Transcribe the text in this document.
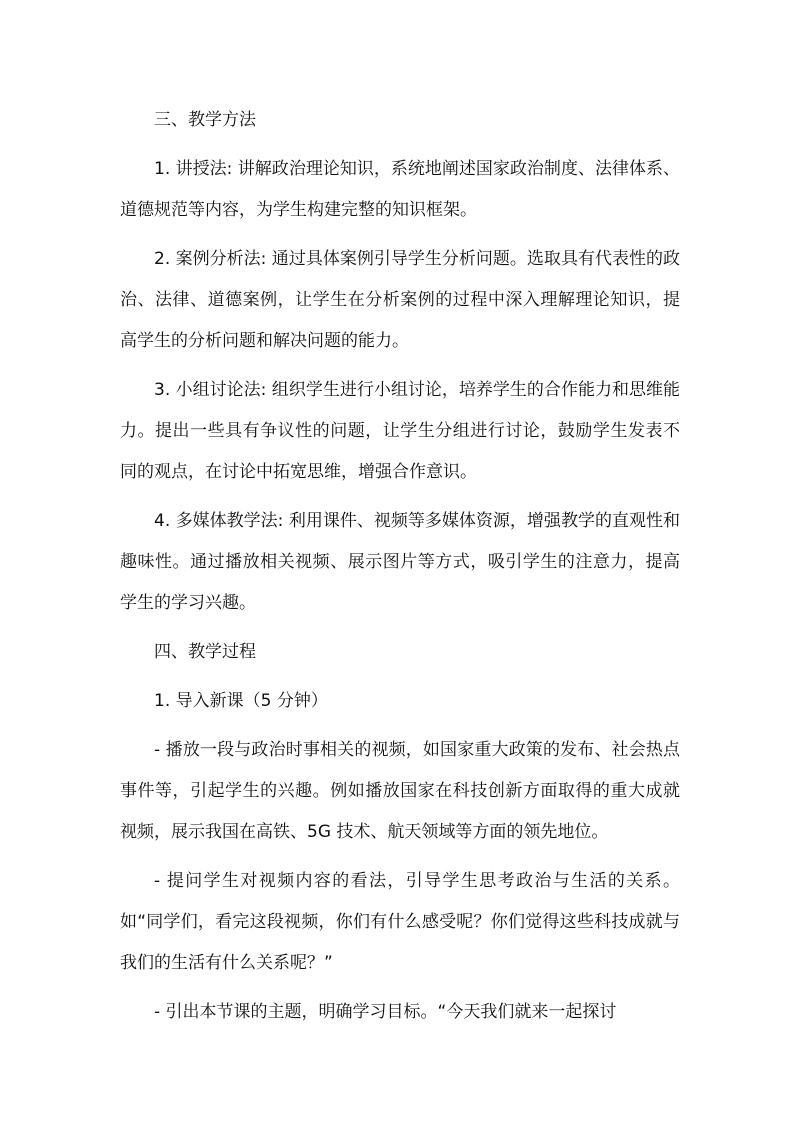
三、教学方法

1. 讲授法: 讲解政治理论知识，系统地阐述国家政治制度、法律体系、道德规范等内容，为学生构建完整的知识框架。

2. 案例分析法: 通过具体案例引导学生分析问题。选取具有代表性的政治、法律、道德案例，让学生在分析案例的过程中深入理解理论知识，提高学生的分析问题和解决问题的能力。

3. 小组讨论法: 组织学生进行小组讨论，培养学生的合作能力和思维能力。提出一些具有争议性的问题，让学生分组进行讨论，鼓励学生发表不同的观点，在讨论中拓宽思维，增强合作意识。

4. 多媒体教学法: 利用课件、视频等多媒体资源，增强教学的直观性和趣味性。通过播放相关视频、展示图片等方式，吸引学生的注意力，提高学生的学习兴趣。

四、教学过程

1. 导入新课（5 分钟）

- 播放一段与政治时事相关的视频，如国家重大政策的发布、社会热点事件等，引起学生的兴趣。例如播放国家在科技创新方面取得的重大成就视频，展示我国在高铁、5G 技术、航天领域等方面的领先地位。

- 提问学生对视频内容的看法，引导学生思考政治与生活的关系。如“同学们，看完这段视频，你们有什么感受呢？你们觉得这些科技成就与我们的生活有什么关系呢？”

- 引出本节课的主题，明确学习目标。“今天我们就来一起探讨
